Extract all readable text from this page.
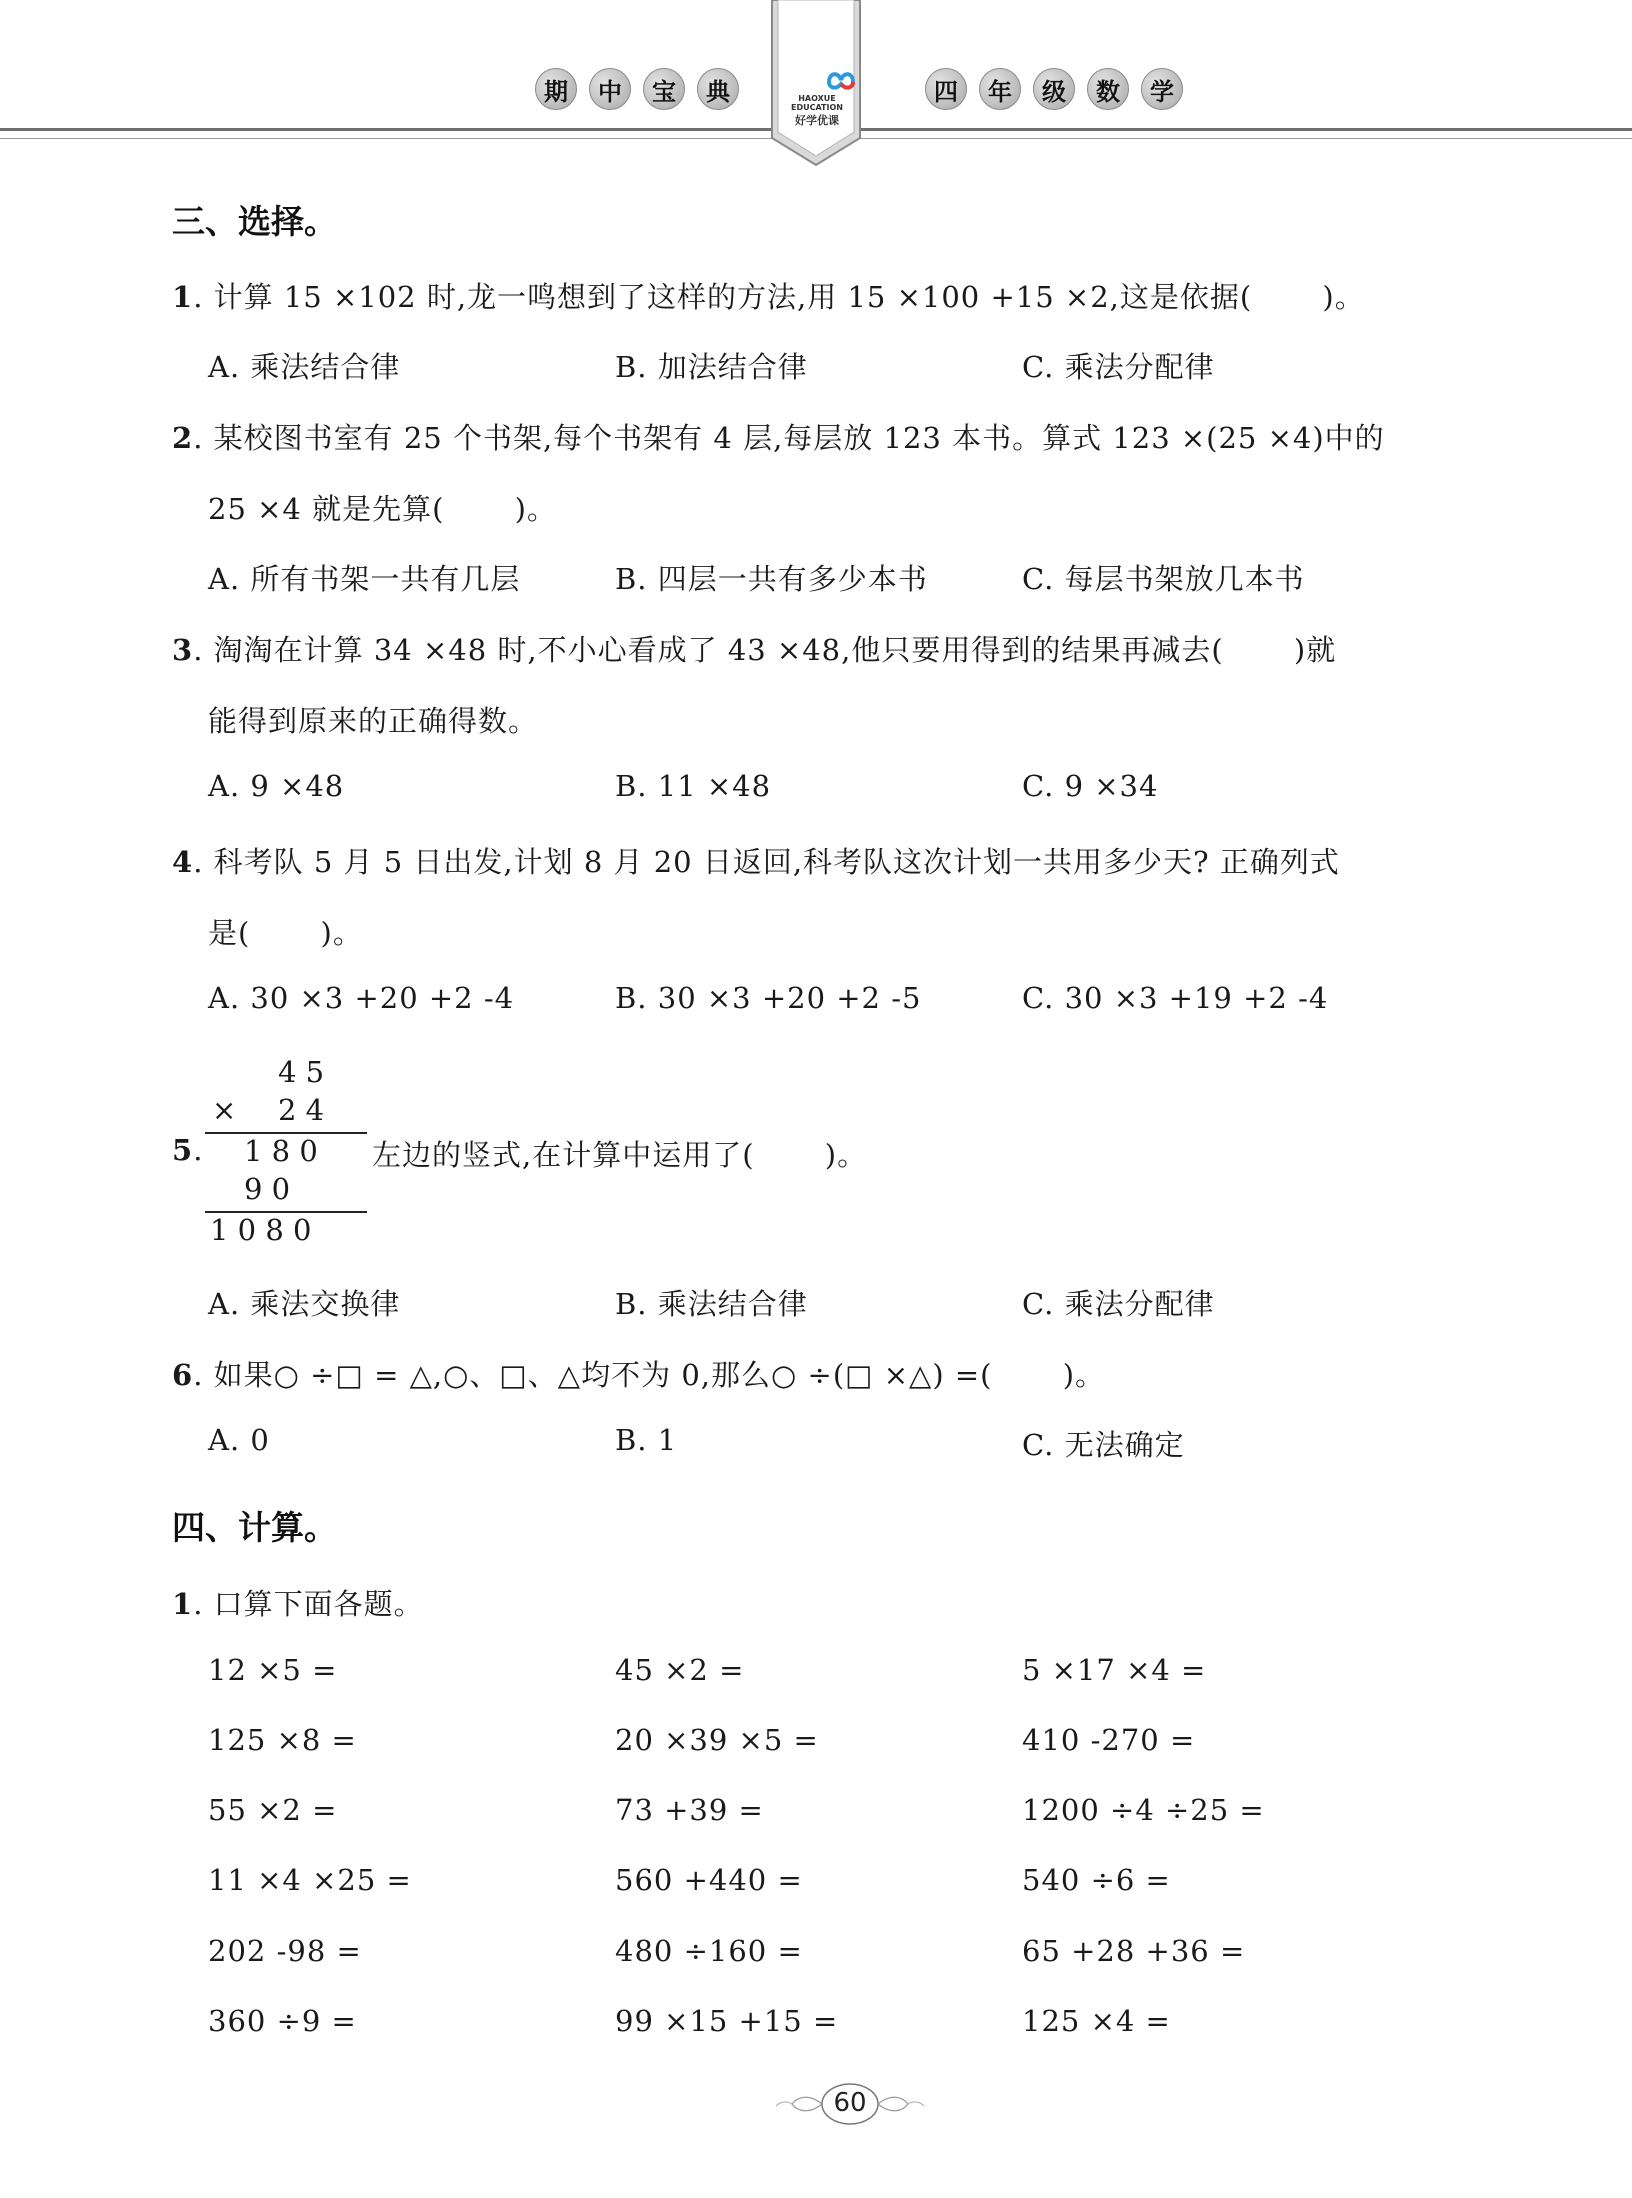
HAOXUE
EDUCATION
好学优课
期	中	宝	典	四	年	级	数	学
三、选择。
1. 计算 15 ×102 时,龙一鸣想到了这样的方法,用 15 ×100 +15 ×2,这是依据(　　 )。
A. 乘法结合律	B. 加法结合律	C. 乘法分配律
2. 某校图书室有 25 个书架,每个书架有 4 层,每层放 123 本书。算式 123 ×(25 ×4)中的
25 ×4 就是先算(　　 )。
A. 所有书架一共有几层	B. 四层一共有多少本书	C. 每层书架放几本书
3. 淘淘在计算 34 ×48 时,不小心看成了 43 ×48,他只要用得到的结果再减去(　　 )就
能得到原来的正确得数。
A. 9 ×48	B. 11 ×48	C. 9 ×34
4. 科考队 5 月 5 日出发,计划 8 月 20 日返回,科考队这次计划一共用多少天? 正确列式
是(　　 )。
A. 30 ×3 +20 +2 -4	B. 30 ×3 +20 +2 -5	C. 30 ×3 +19 +2 -4
5.
4 5
× 2 4
1 8 0
9 0
1 0 8 0
左边的竖式,在计算中运用了(　　 )。
A. 乘法交换律	B. 乘法结合律	C. 乘法分配律
6. 如果○ ÷□ = △,○、□、△均不为 0,那么○ ÷(□ ×△) =(　　 )。
A. 0	B. 1	C. 无法确定
四、计算。
1. 口算下面各题。
12 ×5 =	45 ×2 =	5 ×17 ×4 =
125 ×8 =	20 ×39 ×5 =	410 -270 =
55 ×2 =	73 +39 =	1200 ÷4 ÷25 =
11 ×4 ×25 =	560 +440 =	540 ÷6 =
202 -98 =	480 ÷160 =	65 +28 +36 =
360 ÷9 =	99 ×15 +15 =	125 ×4 =
60
